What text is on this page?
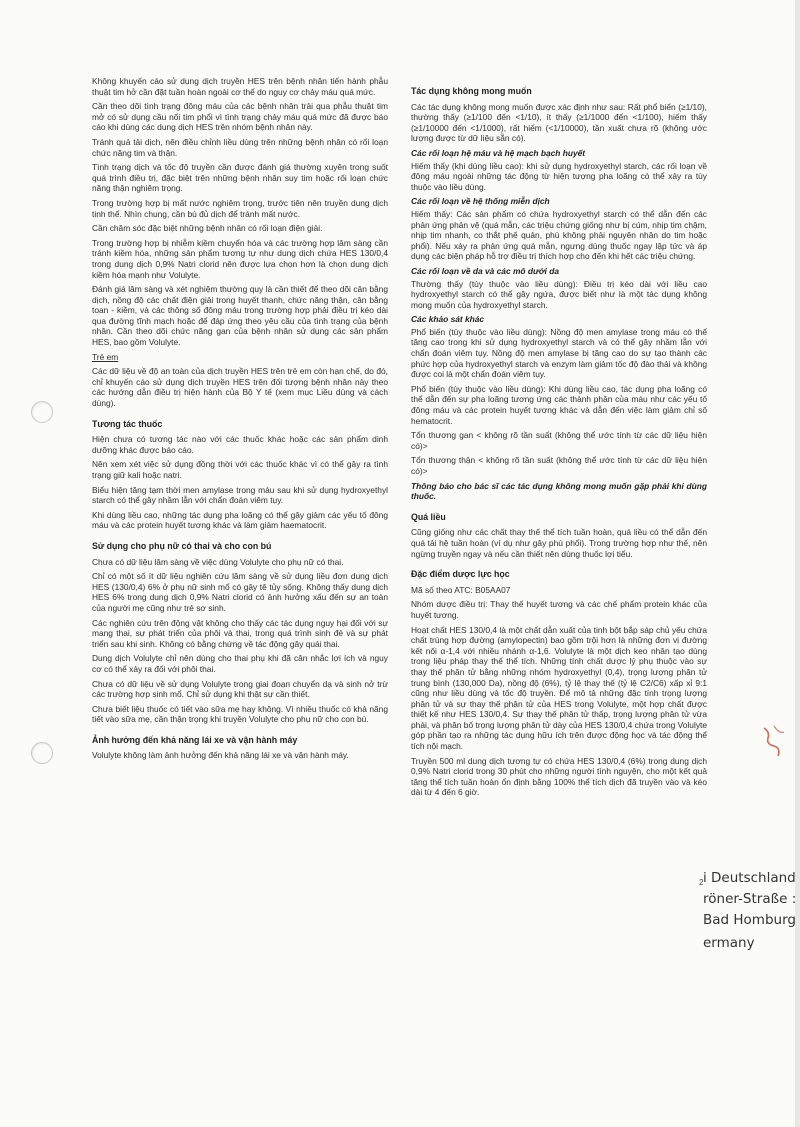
Không khuyến cáo sử dụng dịch truyền HES trên bệnh nhân tiến hành phẫu thuật tim hở cần đặt tuần hoàn ngoài cơ thể do nguy cơ chảy máu quá mức.

Cần theo dõi tình trạng đông máu của các bệnh nhân trải qua phẫu thuật tim mở có sử dụng cầu nối tim phổi vì tình trạng chảy máu quá mức đã được báo cáo khi dùng các dung dịch HES trên nhóm bệnh nhân này.

Tránh quá tải dịch, nên điều chỉnh liều dùng trên những bệnh nhân có rối loạn chức năng tim và thận.

Tình trạng dịch và tốc độ truyền cần được đánh giá thường xuyên trong suốt quá trình điều trị, đặc biệt trên những bệnh nhân suy tim hoặc rối loạn chức năng thận nghiêm trọng.

Trong trường hợp bị mất nước nghiêm trọng, trước tiên nên truyền dung dịch tinh thể. Nhìn chung, cần bù đủ dịch để tránh mất nước.

Cần chăm sóc đặc biệt những bệnh nhân có rối loạn điện giải.

Trong trường hợp bị nhiễm kiềm chuyển hóa và các trường hợp lâm sàng cần tránh kiềm hóa, những sản phẩm tương tự như dung dịch chứa HES 130/0,4 trong dung dịch 0,9% Natri clorid nên được lựa chọn hơn là chọn dung dịch kiềm hóa mạnh như Volulyte.

Đánh giá lâm sàng và xét nghiệm thường quy là cần thiết để theo dõi cân bằng dịch, nồng độ các chất điện giải trong huyết thanh, chức năng thận, cân bằng toan - kiềm, và các thông số đông máu trong trường hợp phải điều trị kéo dài qua đường tĩnh mạch hoặc để đáp ứng theo yêu cầu của tình trạng của bệnh nhân. Cần theo dõi chức năng gan của bệnh nhân sử dụng các sản phẩm HES, bao gồm Volulyte.

Trẻ em

Các dữ liệu về độ an toàn của dịch truyền HES trên trẻ em còn hạn chế, do đó, chỉ khuyến cáo sử dụng dịch truyền HES trên đối tượng bệnh nhân này theo các hướng dẫn điều trị hiện hành của Bộ Y tế (xem mục Liều dùng và cách dùng).

Tương tác thuốc

Hiện chưa có tương tác nào với các thuốc khác hoặc các sản phẩm dinh dưỡng khác được báo cáo.

Nên xem xét việc sử dụng đồng thời với các thuốc khác vì có thể gây ra tình trạng giữ kali hoặc natri.

Biểu hiện tăng tạm thời men amylase trong máu sau khi sử dụng hydroxyethyl starch có thể gây nhầm lẫn với chẩn đoán viêm tụy.

Khi dùng liều cao, những tác dụng pha loãng có thể gây giảm các yếu tố đông máu và các protein huyết tương khác và làm giảm haematocrit.

Sử dụng cho phụ nữ có thai và cho con bú

Chưa có dữ liệu lâm sàng về việc dùng Volulyte cho phụ nữ có thai.

Chỉ có một số ít dữ liệu nghiên cứu lâm sàng về sử dụng liều đơn dung dịch HES (130/0,4) 6% ở phụ nữ sinh mổ có gây tê tủy sống. Không thấy dung dịch HES 6% trong dung dịch 0,9% Natri clorid có ảnh hưởng xấu đến sự an toàn của người mẹ cũng như trẻ sơ sinh.

Các nghiên cứu trên động vật không cho thấy các tác dụng nguy hại đối với sự mang thai, sự phát triển của phôi và thai, trong quá trình sinh đẻ và sự phát triển sau khi sinh. Không có bằng chứng về tác động gây quái thai.

Dung dịch Volulyte chỉ nên dùng cho thai phụ khi đã cân nhắc lợi ích và nguy cơ có thể xảy ra đối với phôi thai.

Chưa có dữ liệu về sử dụng Volulyte trong giai đoạn chuyển dạ và sinh nở trừ các trường hợp sinh mổ. Chỉ sử dụng khi thật sự cần thiết.

Chưa biết liệu thuốc có tiết vào sữa mẹ hay không. Vì nhiều thuốc có khả năng tiết vào sữa mẹ, cần thận trọng khi truyền Volulyte cho phụ nữ cho con bú.

Ảnh hưởng đến khả năng lái xe và vận hành máy

Volulyte không làm ảnh hưởng đến khả năng lái xe và vận hành máy.

Tác dụng không mong muốn

Các tác dụng không mong muốn được xác định như sau: Rất phổ biến (≥1/10), thường thấy (≥1/100 đến <1/10), ít thấy (≥1/1000 đến <1/100), hiếm thấy (≥1/10000 đến <1/1000), rất hiếm (<1/10000), tần xuất chưa rõ (không ước lượng được từ dữ liệu sẵn có).

Các rối loạn hệ máu và hệ mạch bạch huyết

Hiếm thấy (khi dùng liều cao): khi sử dụng hydroxyethyl starch, các rối loạn về đông máu ngoài những tác động từ hiện tượng pha loãng có thể xảy ra tùy thuộc vào liều dùng.

Các rối loạn về hệ thống miễn dịch

Hiếm thấy: Các sản phẩm có chứa hydroxyethyl starch có thể dẫn đến các phản ứng phản vệ (quá mẫn, các triệu chứng giống như bị cúm, nhịp tim chậm, nhịp tim nhanh, co thắt phế quản, phù không phải nguyên nhân do tim hoặc phổi). Nếu xảy ra phản ứng quá mẫn, ngưng dùng thuốc ngay lập tức và áp dụng các biện pháp hỗ trợ điều trị thích hợp cho đến khi hết các triệu chứng.

Các rối loạn về da và các mô dưới da

Thường thấy (tùy thuộc vào liều dùng): Điều trị kéo dài với liều cao hydroxyethyl starch có thể gây ngứa, được biết như là một tác dụng không mong muốn của hydroxyethyl starch.

Các khảo sát khác

Phổ biến (tùy thuộc vào liều dùng): Nồng độ men amylase trong máu có thể tăng cao trong khi sử dụng hydroxyethyl starch và có thể gây nhầm lẫn với chẩn đoán viêm tụy. Nồng độ men amylase bị tăng cao do sự tạo thành các phức hợp của hydroxyethyl starch và enzym làm giảm tốc độ đào thải và không được coi là một chẩn đoán viêm tụy.

Phổ biến (tùy thuộc vào liều dùng): Khi dùng liều cao, tác dụng pha loãng có thể dẫn đến sự pha loãng tương ứng các thành phần của máu như các yếu tố đông máu và các protein huyết tương khác và dẫn đến việc làm giảm chỉ số hematocrit.

Tổn thương gan < không rõ tần suất (không thể ước tính từ các dữ liệu hiện có)>

Tổn thương thận < không rõ tần suất (không thể ước tính từ các dữ liệu hiện có)>

Thông báo cho bác sĩ các tác dụng không mong muốn gặp phải khi dùng thuốc.

Quá liều

Cũng giống như các chất thay thế thể tích tuần hoàn, quá liều có thể dẫn đến quá tải hệ tuần hoàn (ví dụ như gây phù phổi). Trong trường hợp như thế, nên ngừng truyền ngay và nếu cần thiết nên dùng thuốc lợi tiểu.

Đặc điểm dược lực học

Mã số theo ATC: B05AA07

Nhóm dược điều trị: Thay thế huyết tương và các chế phẩm protein khác của huyết tương.

Hoạt chất HES 130/0,4 là một chất dẫn xuất của tinh bột bắp sáp chủ yếu chứa chất trùng hợp đường (amylopectin) bao gồm trội hơn là những đơn vị đường kết nối α-1,4 với nhiều nhánh α-1,6. Volulyte là một dịch keo nhân tạo dùng trong liệu pháp thay thế thể tích. Những tính chất dược lý phụ thuộc vào sự thay thế phân tử bằng những nhóm hydroxyethyl (0,4), trọng lượng phân tử trung bình (130,000 Da), nồng độ (6%), tỷ lệ thay thế (tỷ lệ C2/C6) xấp xỉ 9:1 cũng như liều dùng và tốc độ truyền. Để mô tả những đặc tính trọng lượng phân tử và sự thay thế phân tử của HES trong Volulyte, một hợp chất được thiết kế như HES 130/0,4. Sự thay thế phân tử thấp, trọng lượng phân tử vừa phải, và phân bố trọng lượng phân tử dày của HES 130/0,4 chứa trong Volulyte góp phần tạo ra những tác dụng hữu ích trên được động học và tác động thể tích nội mạch.

Truyền 500 ml dung dịch tương tự có chứa HES 130/0,4 (6%) trong dung dịch 0,9% Natri clorid trong 30 phút cho những người tình nguyện, cho một kết quả tăng thể tích tuần hoàn ổn định bằng 100% thể tích dịch đã truyền vào và kéo dài từ 4 đến 6 giờ.

2 i Deutschland
röner-Straße :
Bad Homburg
ermany
